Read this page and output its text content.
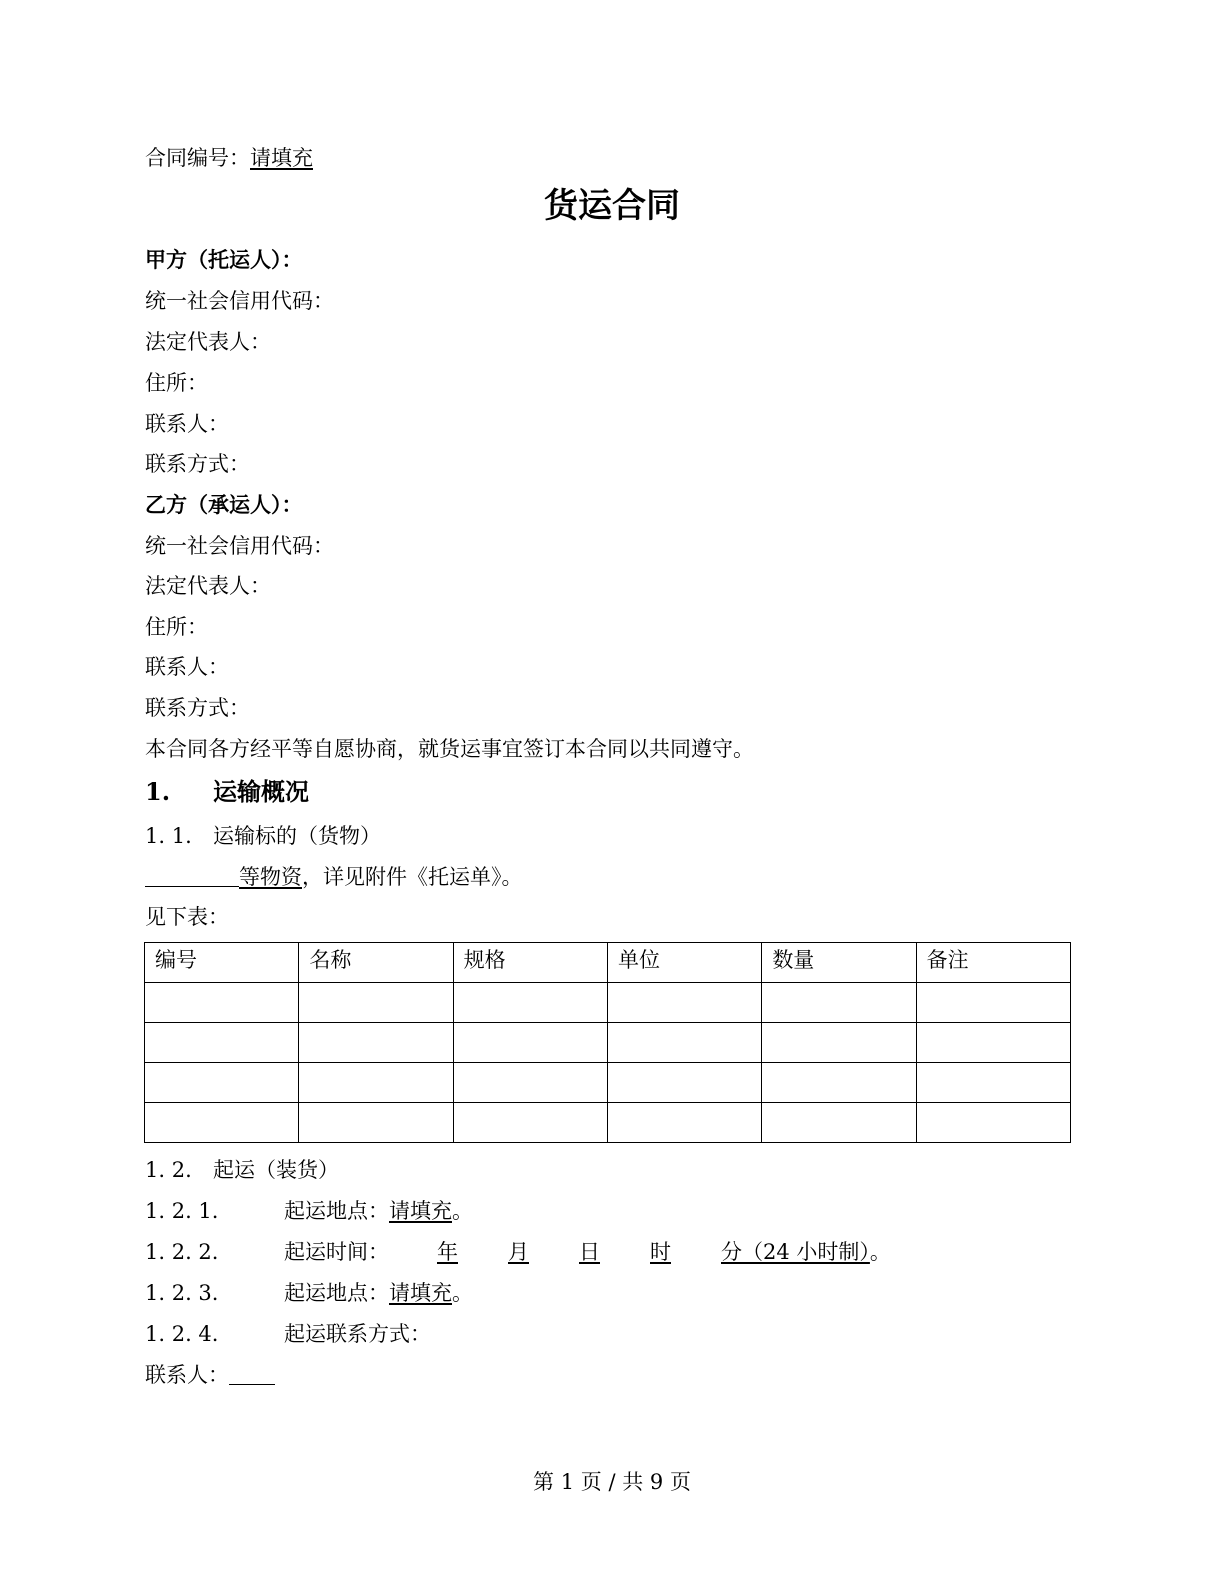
合同编号：请填充
货运合同
甲方（托运人）：
统一社会信用代码：
法定代表人：
住所：
联系人：
联系方式：
乙方（承运人）：
统一社会信用代码：
法定代表人：
住所：
联系人：
联系方式：
本合同各方经平等自愿协商，就货运事宜签订本合同以共同遵守。
1. 运输概况
1. 1. 运输标的（货物）
等物资，详见附件《托运单》。
见下表：
编号	名称	规格	单位	数量	备注

1. 2. 起运（装货）
1. 2. 1.	起运地点：请填充。
1. 2. 2.	起运时间： 年 月 日 时 分（24 小时制）。
1. 2. 3.	起运地点：请填充。
1. 2. 4.	起运联系方式：
联系人：
第 1 页 / 共 9 页
